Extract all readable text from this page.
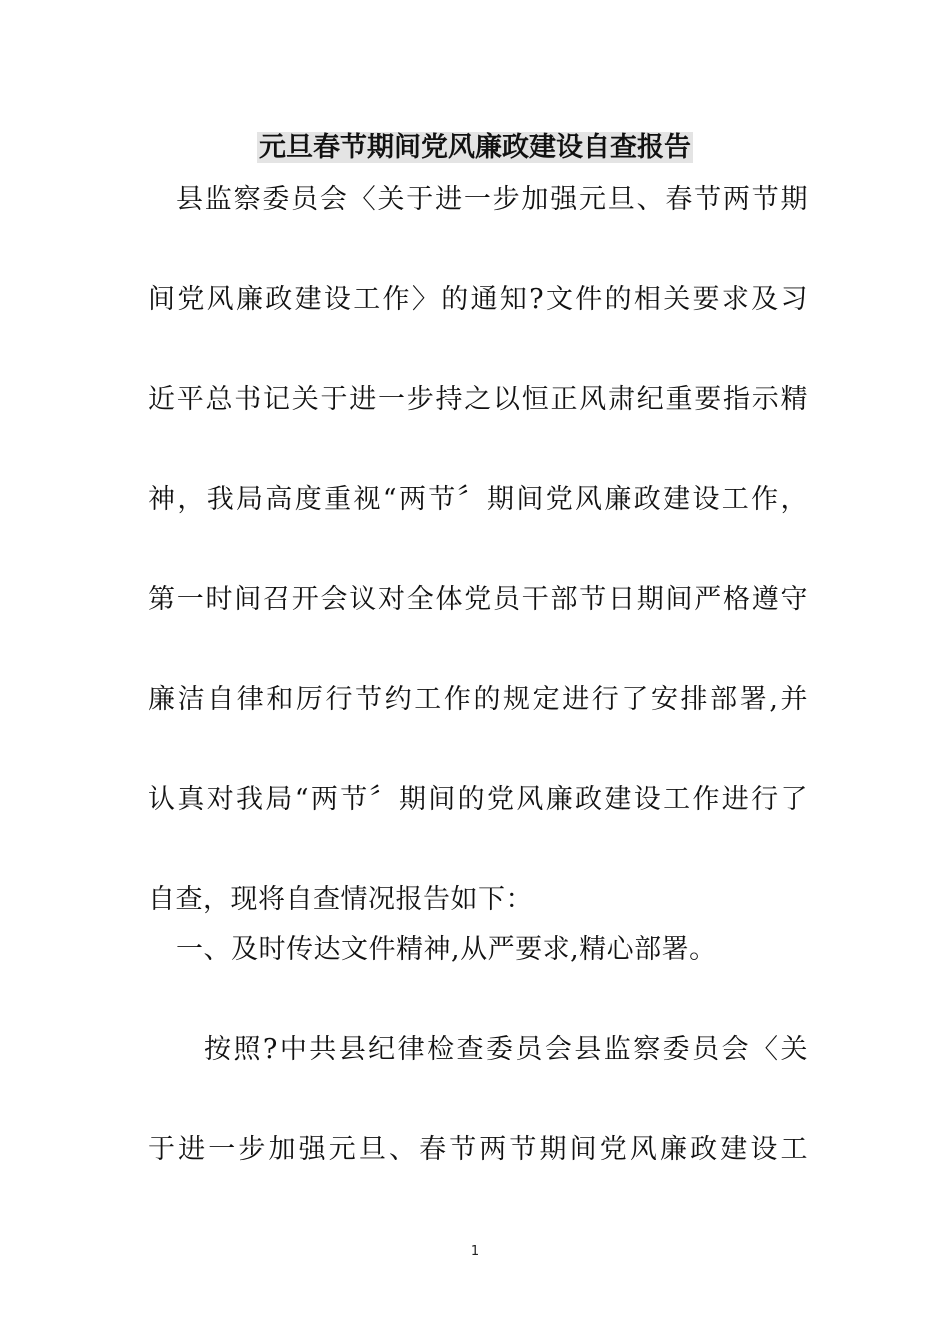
元旦春节期间党风廉政建设自查报告
县监察委员会〈关于进一步加强元旦、春节两节期
间党风廉政建设工作〉的通知?文件的相关要求及习
近平总书记关于进一步持之以恒正风肃纪重要指示精
神，我局高度重视“两节〞期间党风廉政建设工作，
第一时间召开会议对全体党员干部节日期间严格遵守
廉洁自律和厉行节约工作的规定进行了安排部署,并
认真对我局“两节〞期间的党风廉政建设工作进行了
自查，现将自查情况报告如下：
一、及时传达文件精神,从严要求,精心部署。
按照?中共县纪律检查委员会县监察委员会〈关
于进一步加强元旦、春节两节期间党风廉政建设工
1
